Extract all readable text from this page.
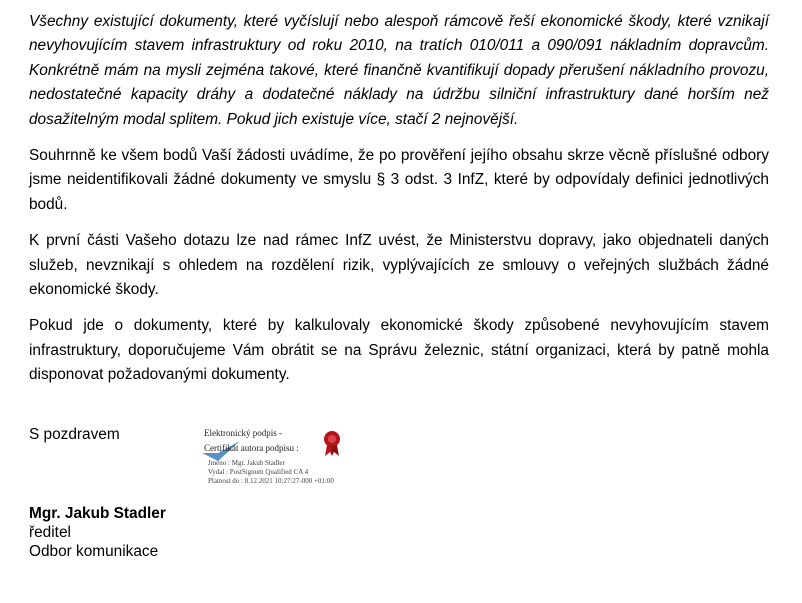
Všechny existující dokumenty, které vyčíslují nebo alespoň rámcově řeší ekonomické škody, které vznikají nevyhovujícím stavem infrastruktury od roku 2010, na tratích 010/011 a 090/091 nákladním dopravcům. Konkrétně mám na mysli zejména takové, které finančně kvantifikují dopady přerušení nákladního provozu, nedostatečné kapacity dráhy a dodatečné náklady na údržbu silniční infrastruktury dané horším než dosažitelným modal splitem. Pokud jich existuje více, stačí 2 nejnovější.

Souhrnně ke všem bodů Vaší žádosti uvádíme, že po prověření jejího obsahu skrze věcně příslušné odbory jsme neidentifikovali žádné dokumenty ve smyslu § 3 odst. 3 InfZ, které by odpovídaly definici jednotlivých bodů.

K první části Vašeho dotazu lze nad rámec InfZ uvést, že Ministerstvu dopravy, jako objednateli daných služeb, nevznikají s ohledem na rozdělení rizik, vyplývajících ze smlouvy o veřejných službách žádné ekonomické škody.

Pokud jde o dokumenty, které by kalkulovaly ekonomické škody způsobené nevyhovujícím stavem infrastruktury, doporučujeme Vám obrátit se na Správu železnic, státní organizaci, která by patně mohla disponovat požadovanými dokumenty.

S pozdravem	Elektronický podpis -
Certifikát autora podpisu :
Jméno : Mgr. Jakub Stadler
Vydal : PostSignum Qualified CA 4
Platnost do : 8.12.2021 10:27:27-000 +01:00
Mgr. Jakub Stadler
ředitel
Odbor komunikace
